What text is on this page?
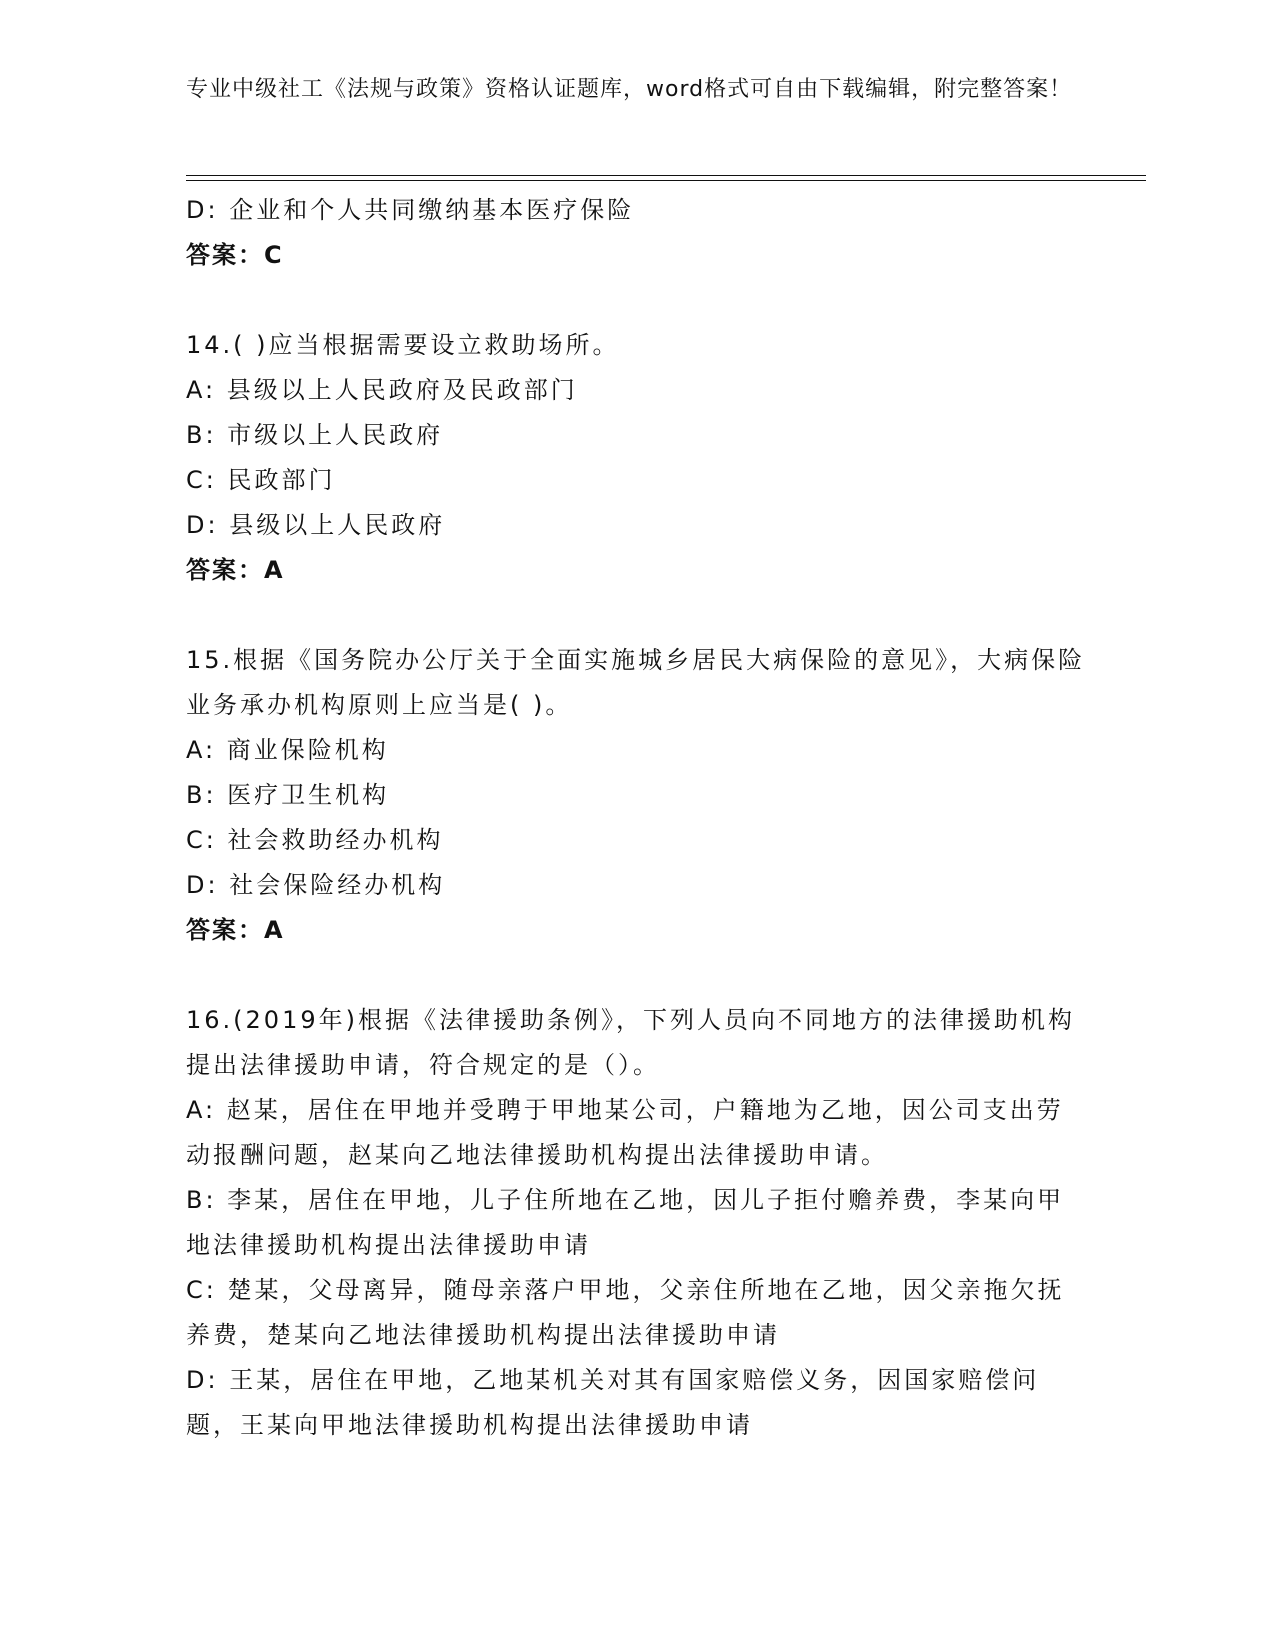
专业中级社工《法规与政策》资格认证题库，word格式可自由下载编辑，附完整答案！

D: 企业和个人共同缴纳基本医疗保险

答案：C

14.( )应当根据需要设立救助场所。

A: 县级以上人民政府及民政部门

B: 市级以上人民政府

C: 民政部门

D: 县级以上人民政府

答案：A

15.根据《国务院办公厅关于全面实施城乡居民大病保险的意见》，大病保险业务承办机构原则上应当是( )。

A: 商业保险机构

B: 医疗卫生机构

C: 社会救助经办机构

D: 社会保险经办机构

答案：A

16.(2019年)根据《法律援助条例》，下列人员向不同地方的法律援助机构提出法律援助申请，符合规定的是（）。

A: 赵某，居住在甲地并受聘于甲地某公司，户籍地为乙地，因公司支出劳动报酬问题，赵某向乙地法律援助机构提出法律援助申请。

B: 李某，居住在甲地，儿子住所地在乙地，因儿子拒付赡养费，李某向甲地法律援助机构提出法律援助申请

C: 楚某，父母离异，随母亲落户甲地，父亲住所地在乙地，因父亲拖欠抚养费，楚某向乙地法律援助机构提出法律援助申请

D: 王某，居住在甲地，乙地某机关对其有国家赔偿义务，因国家赔偿问题，王某向甲地法律援助机构提出法律援助申请
